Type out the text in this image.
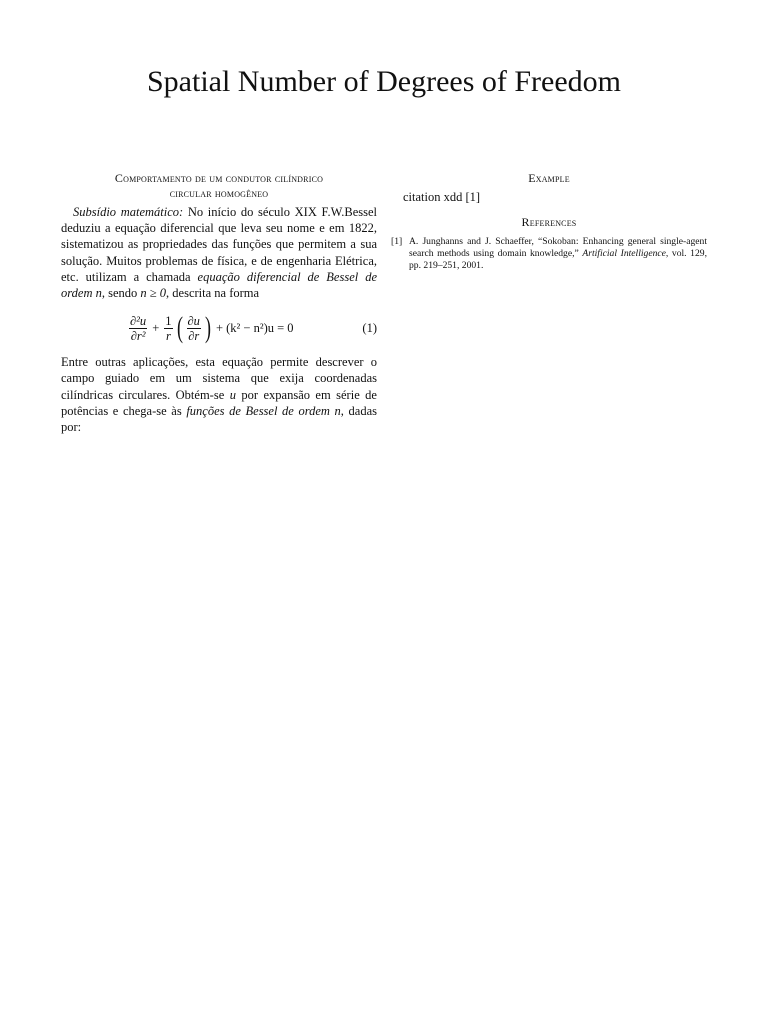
Spatial Number of Degrees of Freedom
Comportamento de um condutor cilíndrico
circular homogêneo

Subsídio matemático: No início do século XIX F.W.Bessel deduziu a equação diferencial que leva seu nome e em 1822, sistematizou as propriedades das funções que permitem a sua solução. Muitos problemas de física, e de engenharia Elétrica, etc. utilizam a chamada equação diferencial de Bessel de ordem n, sendo n ≥ 0, descrita na forma

$\frac{\text{∂²u}}{\text{∂r²}} + \frac{1}{r}$ ( $\frac{\partial u}{\partial r}$ ) + (k² − n²)u = 0	(1)

Entre outras aplicações, esta equação permite descrever o campo guiado em um sistema que exija coordenadas cilíndricas circulares. Obtém-se u por expansão em série de potências e chega-se às funções de Bessel de ordem n, dadas por:

Example
citation xdd [1]
References
[1] A. Junghanns and J. Schaeffer, “Sokoban: Enhancing general single-agent search methods using domain knowledge,” Artificial Intelligence, vol. 129, pp. 219–251, 2001.
